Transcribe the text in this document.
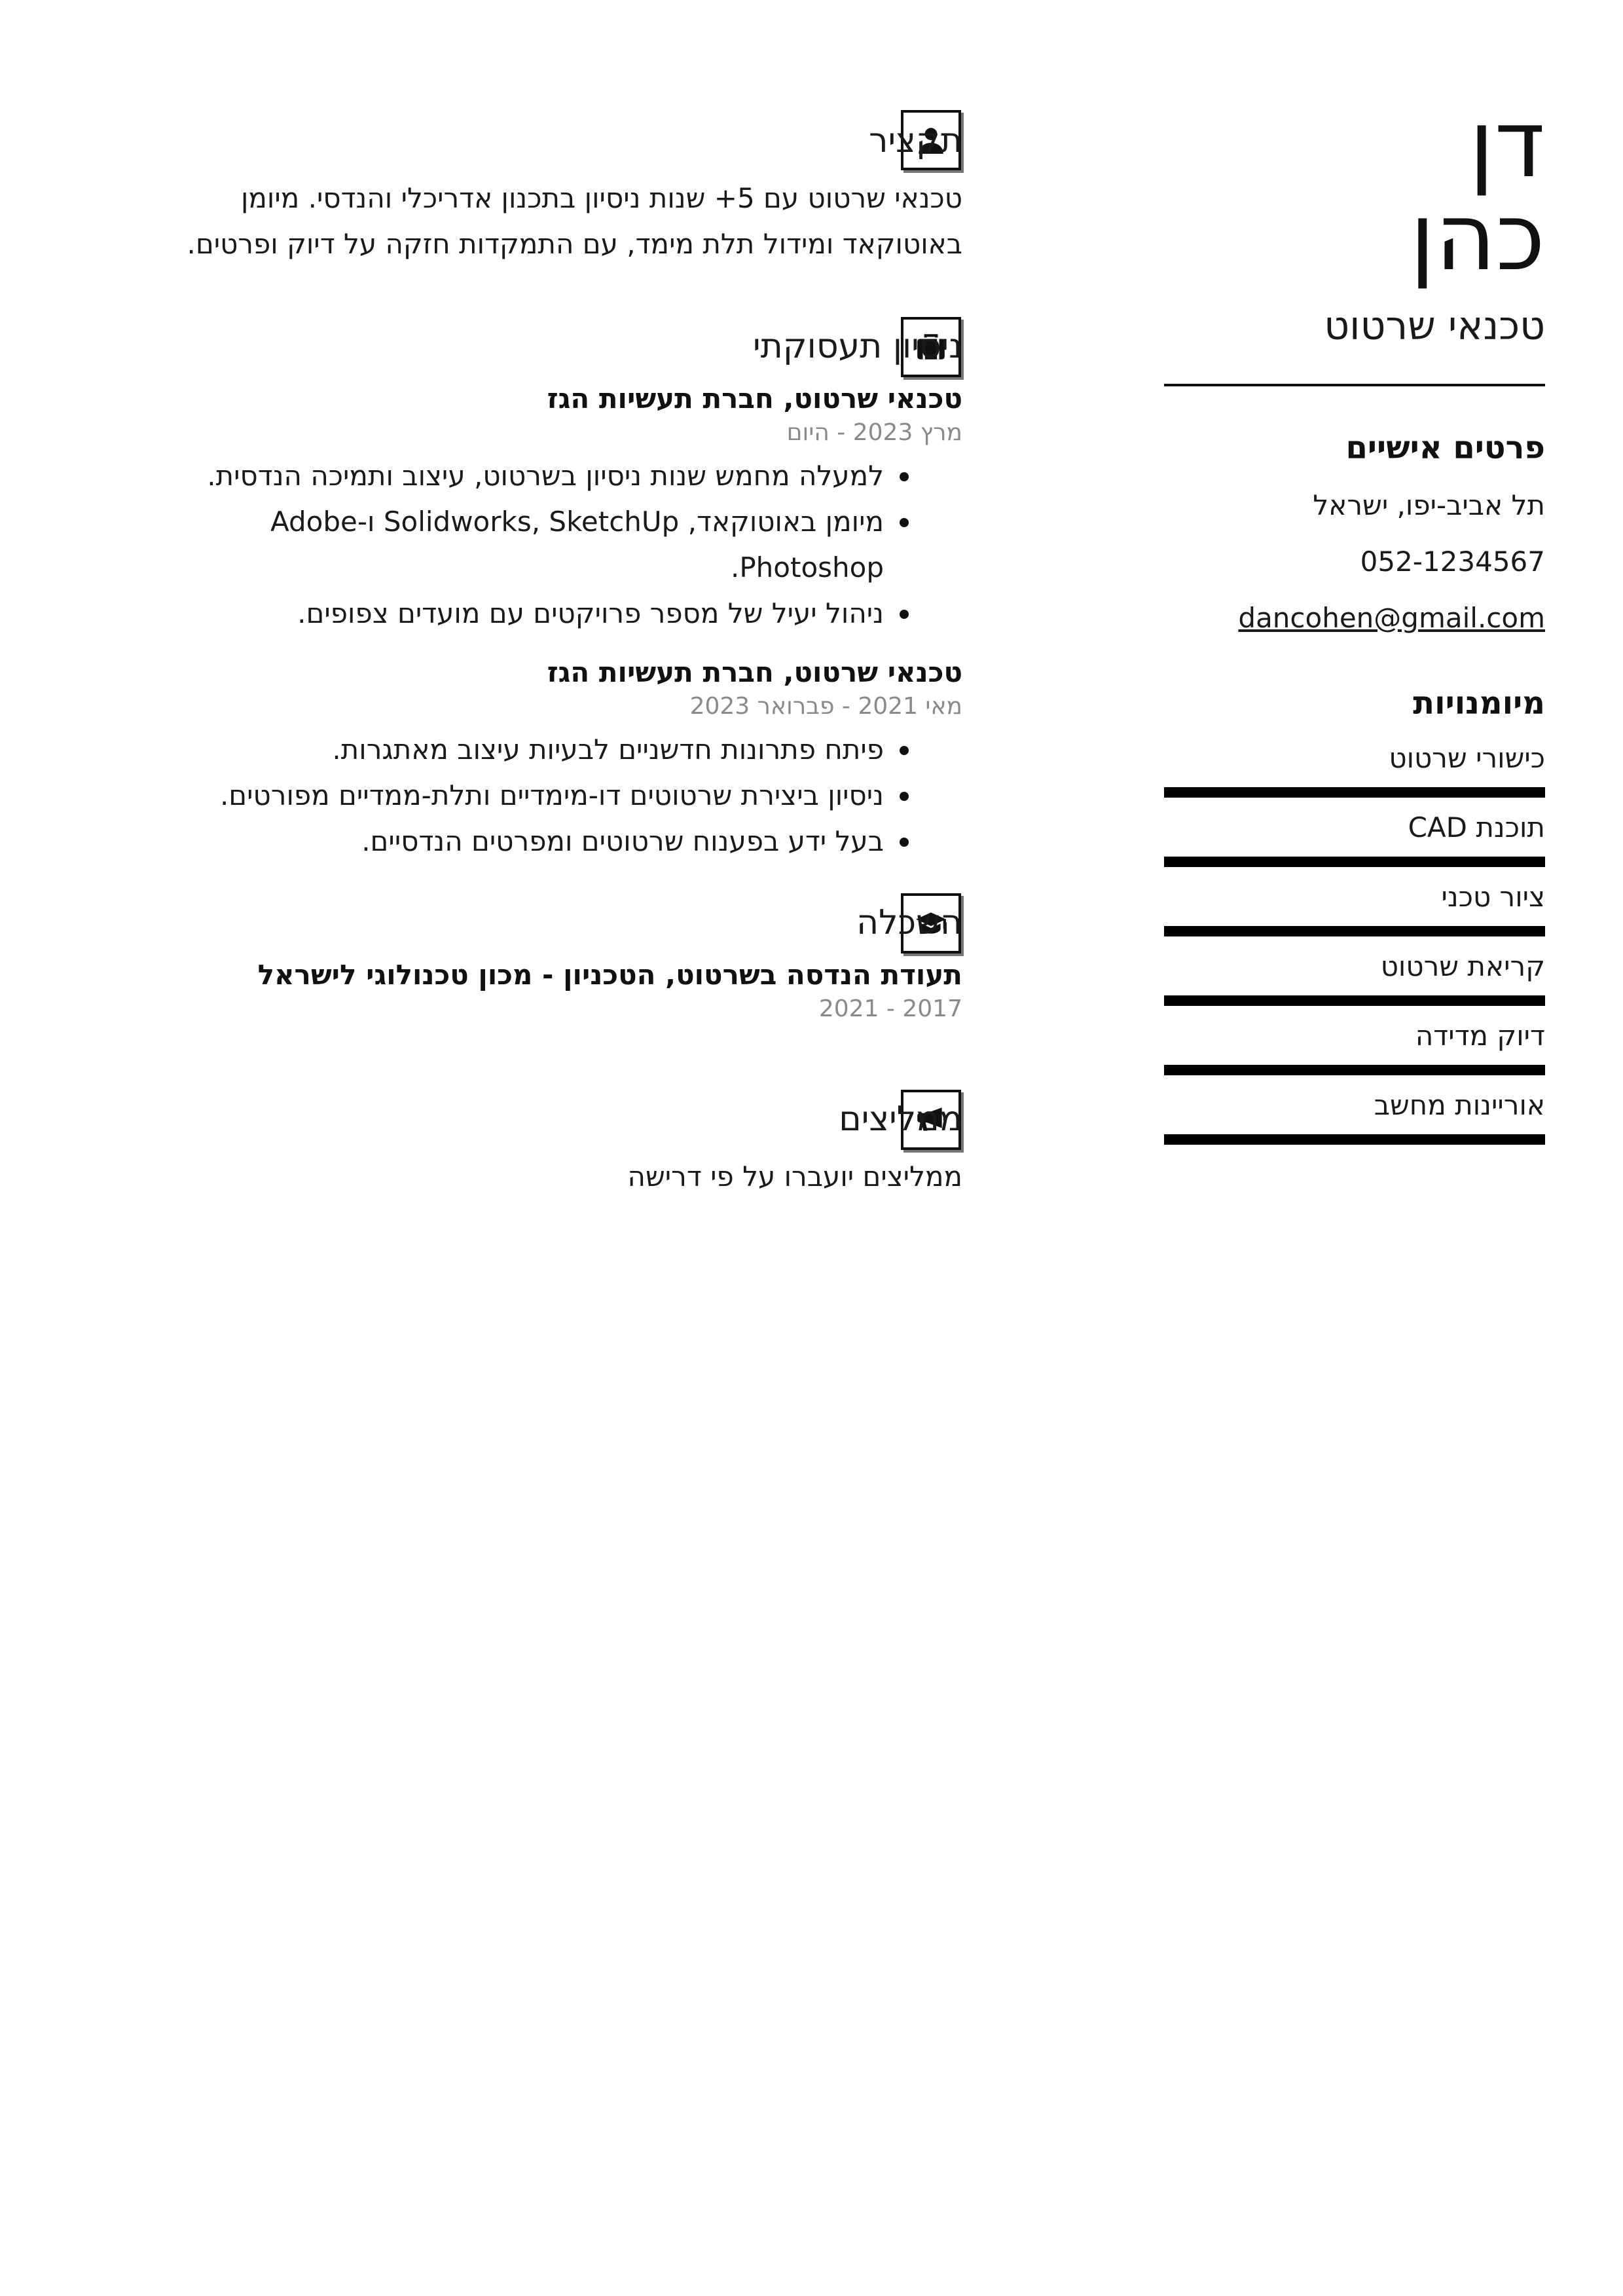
דן
כהן
טכנאי שרטוט
פרטים אישיים
תל אביב-יפו, ישראל
052-1234567
dancohen@gmail.com
מיומנויות
כישורי שרטוט
תוכנת CAD
ציור טכני
קריאת שרטוט
דיוק מדידה
אוריינות מחשב
תקציר
טכנאי שרטוט עם 5+ שנות ניסיון בתכנון אדריכלי והנדסי. מיומן באוטוקאד ומידול תלת מימד, עם התמקדות חזקה על דיוק ופרטים.
ניסיון תעסוקתי
טכנאי שרטוט, חברת תעשיות הגז
מרץ 2023 - היום
למעלה מחמש שנות ניסיון בשרטוט, עיצוב ותמיכה הנדסית.
מיומן באוטוקאד, Solidworks, SketchUp ו-Adobe Photoshop.
ניהול יעיל של מספר פרויקטים עם מועדים צפופים.
טכנאי שרטוט, חברת תעשיות הגז
מאי 2021 - פברואר 2023
פיתח פתרונות חדשניים לבעיות עיצוב מאתגרות.
ניסיון ביצירת שרטוטים דו-מימדיים ותלת-ממדיים מפורטים.
בעל ידע בפענוח שרטוטים ומפרטים הנדסיים.
השכלה
תעודת הנדסה בשרטוט, הטכניון - מכון טכנולוגי לישראל
2017 - 2021
ממליצים
ממליצים יועברו על פי דרישה
